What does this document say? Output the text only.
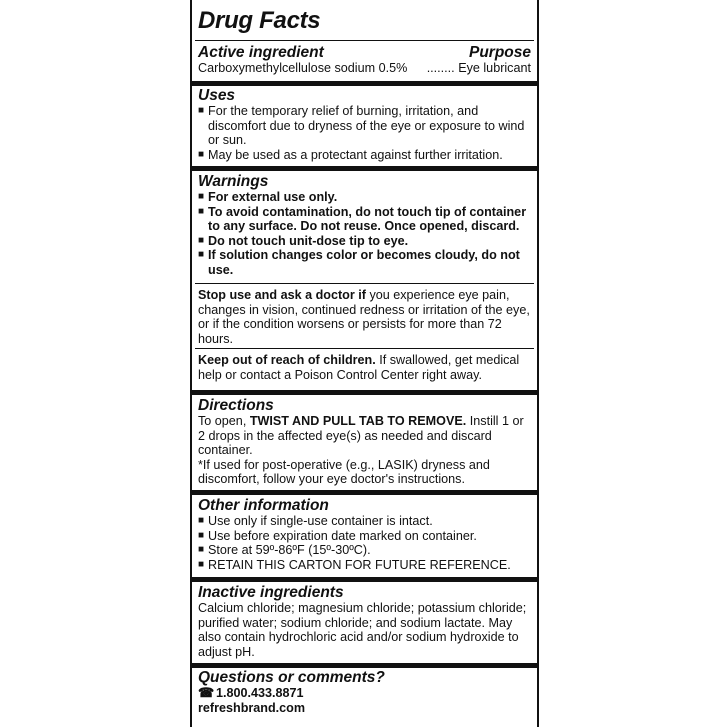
Drug Facts
Active ingredient	Purpose
Carboxymethylcellulose sodium 0.5% ........ Eye lubricant
Uses
■ For the temporary relief of burning, irritation, and discomfort due to dryness of the eye or exposure to wind or sun.
■ May be used as a protectant against further irritation.
Warnings
■ For external use only.
■ To avoid contamination, do not touch tip of container to any surface. Do not reuse. Once opened, discard.
■ Do not touch unit-dose tip to eye.
■ If solution changes color or becomes cloudy, do not use.
Stop use and ask a doctor if you experience eye pain, changes in vision, continued redness or irritation of the eye, or if the condition worsens or persists for more than 72 hours.
Keep out of reach of children. If swallowed, get medical help or contact a Poison Control Center right away.
Directions
To open, TWIST AND PULL TAB TO REMOVE. Instill 1 or 2 drops in the affected eye(s) as needed and discard container.
*If used for post-operative (e.g., LASIK) dryness and discomfort, follow your eye doctor's instructions.
Other information
■ Use only if single-use container is intact.
■ Use before expiration date marked on container.
■ Store at 59º-86ºF (15º-30ºC).
■ RETAIN THIS CARTON FOR FUTURE REFERENCE.
Inactive ingredients
Calcium chloride; magnesium chloride; potassium chloride; purified water; sodium chloride; and sodium lactate. May also contain hydrochloric acid and/or sodium hydroxide to adjust pH.
Questions or comments?
☎ 1.800.433.8871
refreshbrand.com
